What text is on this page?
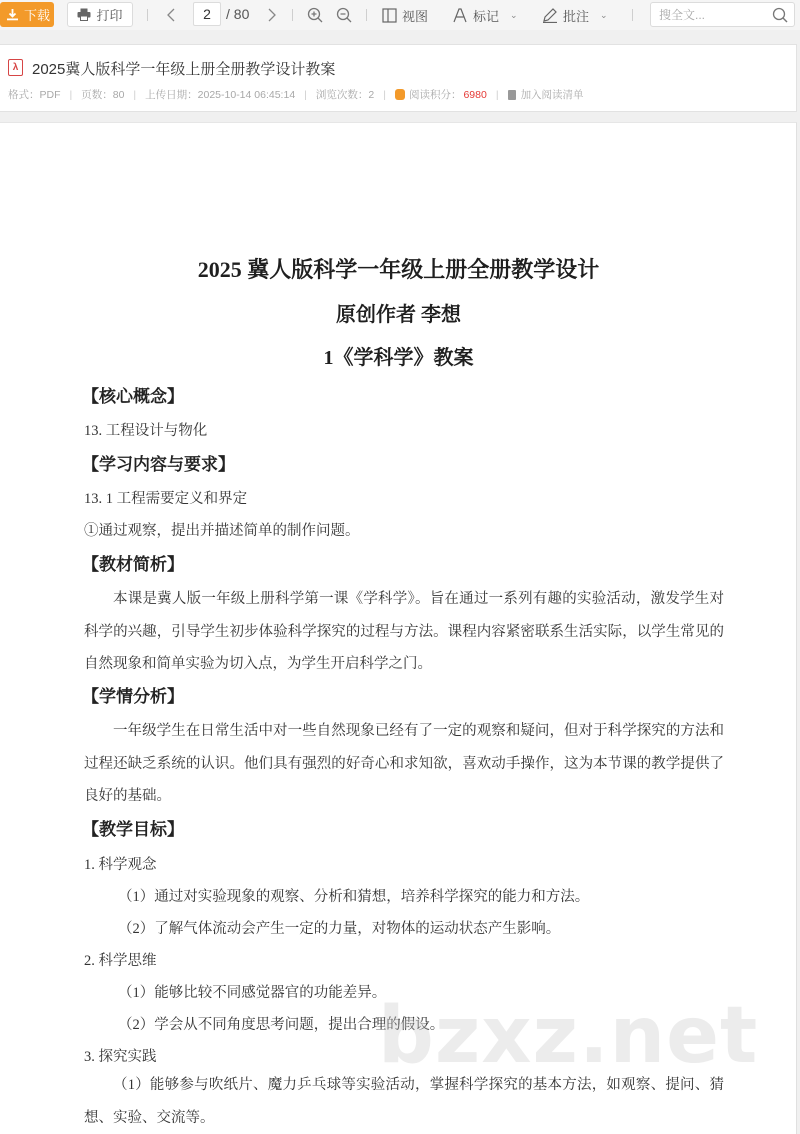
下载	打印	2	/ 80	视图	标记 ⌄	批注 ⌄
搜全文...
λ 2025冀人版科学一年级上册全册教学设计教案
格式：PDF | 页数：80 | 上传日期：2025-10-14 06:45:14 | 浏览次数：2 | 阅读积分： 6980 | 加入阅读清单
2025 冀人版科学一年级上册全册教学设计
原创作者 李想
1《学科学》教案
【核心概念】
13. 工程设计与物化
【学习内容与要求】
13. 1 工程需要定义和界定
①通过观察，提出并描述简单的制作问题。
【教材简析】
本课是冀人版一年级上册科学第一课《学科学》。旨在通过一系列有趣的实验活动，激发学生对科学的兴趣，引导学生初步体验科学探究的过程与方法。课程内容紧密联系生活实际，以学生常见的自然现象和简单实验为切入点，为学生开启科学之门。
【学情分析】
一年级学生在日常生活中对一些自然现象已经有了一定的观察和疑问，但对于科学探究的方法和过程还缺乏系统的认识。他们具有强烈的好奇心和求知欲，喜欢动手操作，这为本节课的教学提供了良好的基础。
【教学目标】
1. 科学观念
（1）通过对实验现象的观察、分析和猜想，培养科学探究的能力和方法。
（2）了解气体流动会产生一定的力量，对物体的运动状态产生影响。
2. 科学思维
（1）能够比较不同感觉器官的功能差异。
（2）学会从不同角度思考问题，提出合理的假设。
3. 探究实践
（1）能够参与吹纸片、魔力乒乓球等实验活动，掌握科学探究的基本方法，如观察、提问、猜想、实验、交流等。
bzxz.net
